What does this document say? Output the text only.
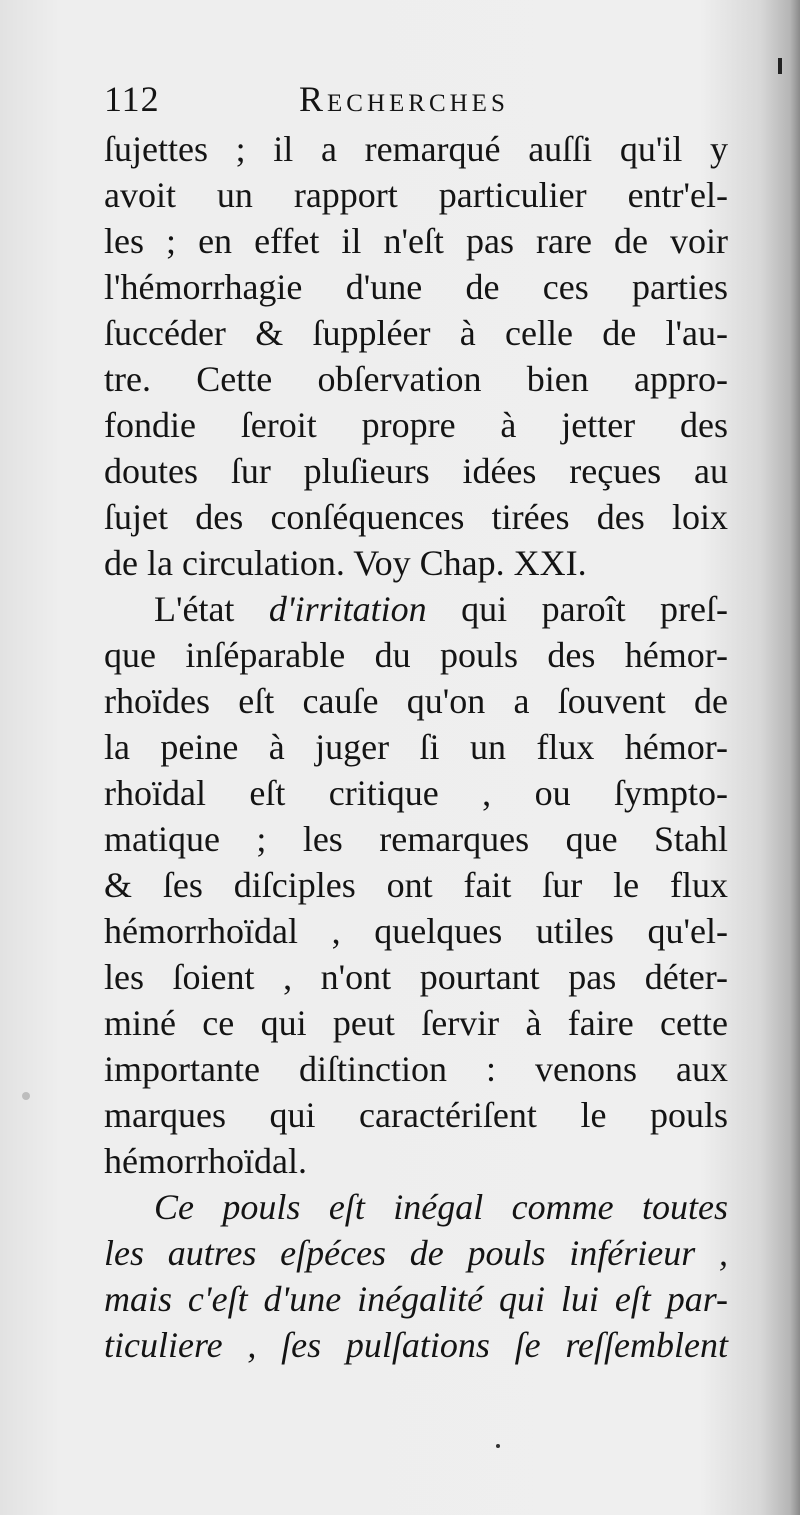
112	Recherches
ſujettes ; il a remarqué auſſi qu'il y
avoit un rapport particulier entr'el-
les ; en effet il n'eſt pas rare de voir
l'hémorrhagie d'une de ces parties
ſuccéder & ſuppléer à celle de l'au-
tre. Cette obſervation bien appro-
fondie ſeroit propre à jetter des
doutes ſur pluſieurs idées reçues au
ſujet des conſéquences tirées des loix
de la circulation. Voy Chap. XXI.
L'état d'irritation qui paroît preſ-
que inſéparable du pouls des hémor-
rhoïdes eſt cauſe qu'on a ſouvent de
la peine à juger ſi un flux hémor-
rhoïdal eſt critique , ou ſympto-
matique ; les remarques que Stahl
& ſes diſciples ont fait ſur le flux
hémorrhoïdal , quelques utiles qu'el-
les ſoient , n'ont pourtant pas déter-
miné ce qui peut ſervir à faire cette
importante diſtinction : venons aux
marques qui caractériſent le pouls
hémorrhoïdal.
Ce pouls eſt inégal comme toutes
les autres eſpéces de pouls inférieur ,
mais c'eſt d'une inégalité qui lui eſt par-
ticuliere , ſes pulſations ſe reſſemblent
